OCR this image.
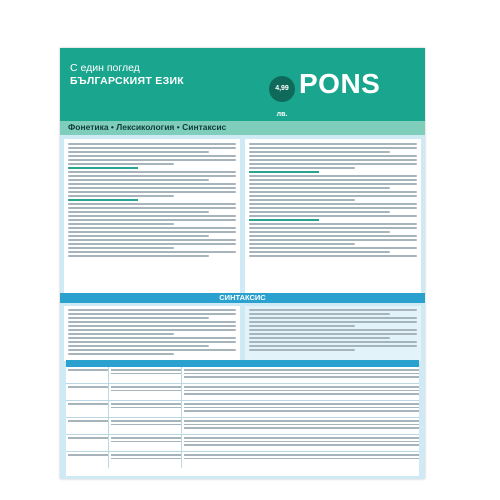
С един поглед
БЪЛГАРСКИЯТ ЕЗИК
4,99 лв.
PONS
Фонетика • Лексикология • Синтаксис
СИНТАКСИС
